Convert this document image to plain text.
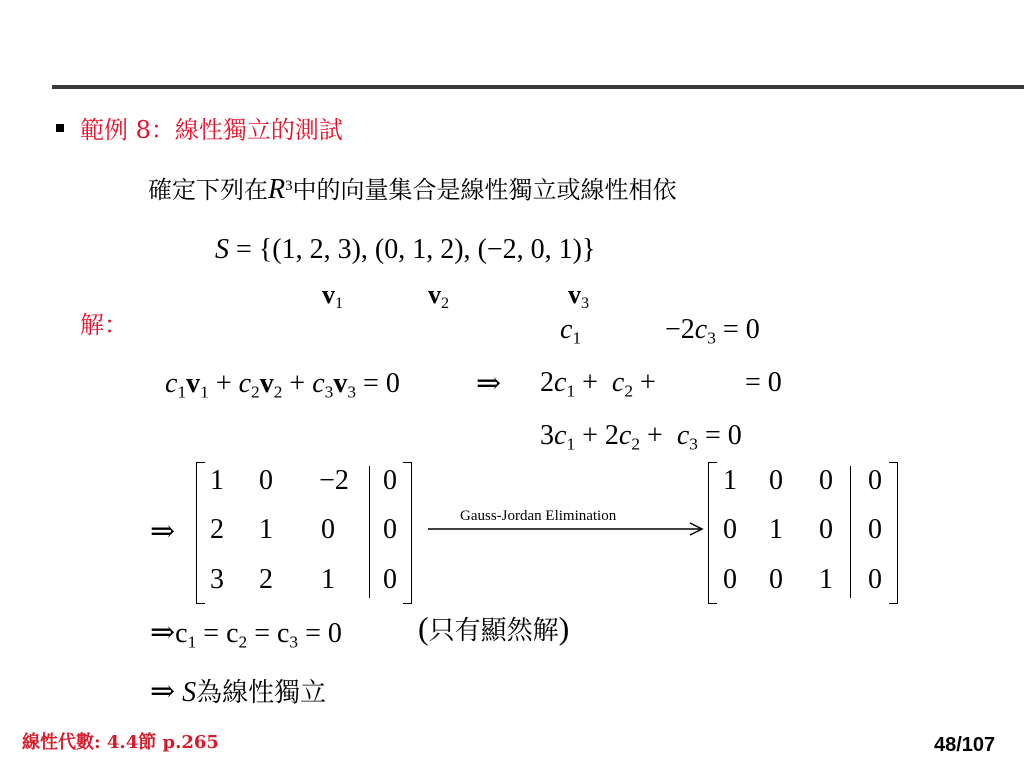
範例 8：線性獨立的測試
確定下列在$R^3$中的向量集合是線性獨立或線性相依
S = {(1, 2, 3), (0, 1, 2), (−2, 0, 1)}
$v_1$	$v_2$	$v_3$
解：
$c_1v_1 + c_2v_2 + c_3v_3 = 0$	⇒
$c_1$	$-2c_3 = 0$
$2c_1 + c_2$ +	= 0
$3c_1 + 2c_2 + c_3 = 0$
⇒
1	0	−2	0
2	1	0	0
3	2	1	0
Gauss-Jordan Elimination
1	0	0	0
0	1	0	0
0	0	1	0
$\Rightarrow c_1 = c_2 = c_3 = 0$ (只有顯然解)
⇒ S為線性獨立
線性代數: 4.4節 p.265	48/107
